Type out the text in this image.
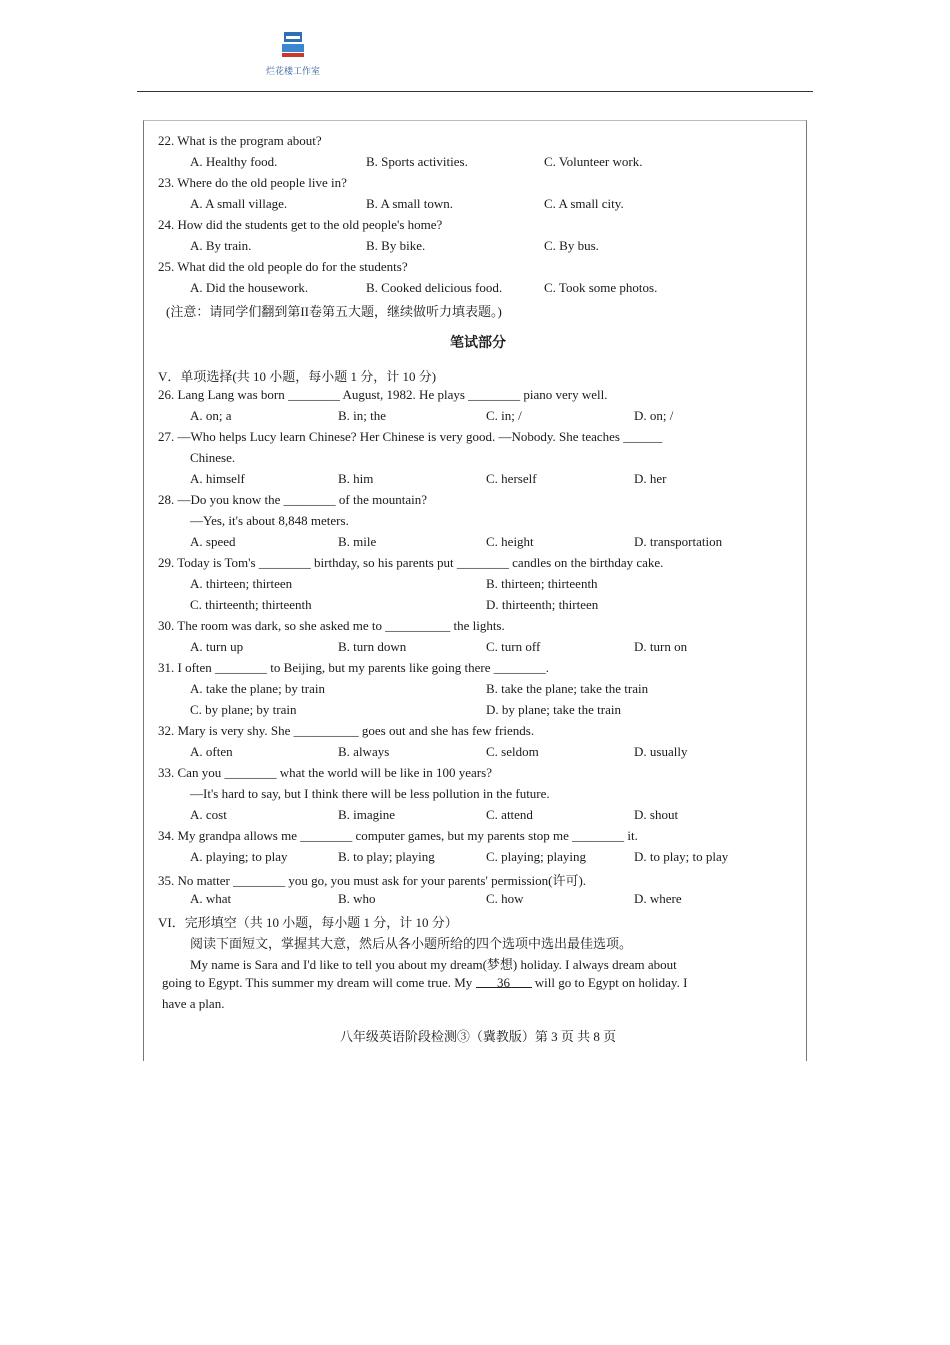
烂花楼工作室
22. What is the program about?
A. Healthy food.	B. Sports activities.	C. Volunteer work.
23. Where do the old people live in?
A. A small village.	B. A small town.	C. A small city.
24. How did the students get to the old people's home?
A. By train.	B. By bike.	C. By bus.
25. What did the old people do for the students?
A. Did the housework.	B. Cooked delicious food.	C. Took some photos.
(注意：请同学们翻到第II卷第五大题，继续做听力填表题。)
笔试部分
V．单项选择(共 10 小题，每小题 1 分，计 10 分)
26. Lang Lang was born ________ August, 1982. He plays ________ piano very well.
A. on; a	B. in; the	C. in; /	D. on; /
27. —Who helps Lucy learn Chinese? Her Chinese is very good. —Nobody. She teaches ______
Chinese.
A. himself	B. him	C. herself	D. her
28. —Do you know the ________ of the mountain?
—Yes, it's about 8,848 meters.
A. speed	B. mile	C. height	D. transportation
29. Today is Tom's ________ birthday, so his parents put ________ candles on the birthday cake.
A. thirteen; thirteen	B. thirteen; thirteenth
C. thirteenth; thirteenth	D. thirteenth; thirteen
30. The room was dark, so she asked me to __________ the lights.
A. turn up	B. turn down	C. turn off	D. turn on
31. I often ________ to Beijing, but my parents like going there ________.
A. take the plane; by train	B. take the plane; take the train
C. by plane; by train	D. by plane; take the train
32. Mary is very shy. She __________ goes out and she has few friends.
A. often	B. always	C. seldom	D. usually
33. Can you ________ what the world will be like in 100 years?
—It's hard to say, but I think there will be less pollution in the future.
A. cost	B. imagine	C. attend	D. shout
34. My grandpa allows me ________ computer games, but my parents stop me ________ it.
A. playing; to play	B. to play; playing	C. playing; playing	D. to play; to play
35. No matter ________ you go, you must ask for your parents' permission(许可).
A. what	B. who	C. how	D. where
VI．完形填空（共 10 小题，每小题 1 分，计 10 分）
阅读下面短文，掌握其大意，然后从各小题所给的四个选项中选出最佳选项。
My name is Sara and I'd like to tell you about my dream(梦想) holiday. I always dream about
going to Egypt. This summer my dream will come true. My 36 will go to Egypt on holiday. I
have a plan.
八年级英语阶段检测③（冀教版）第 3 页 共 8 页
